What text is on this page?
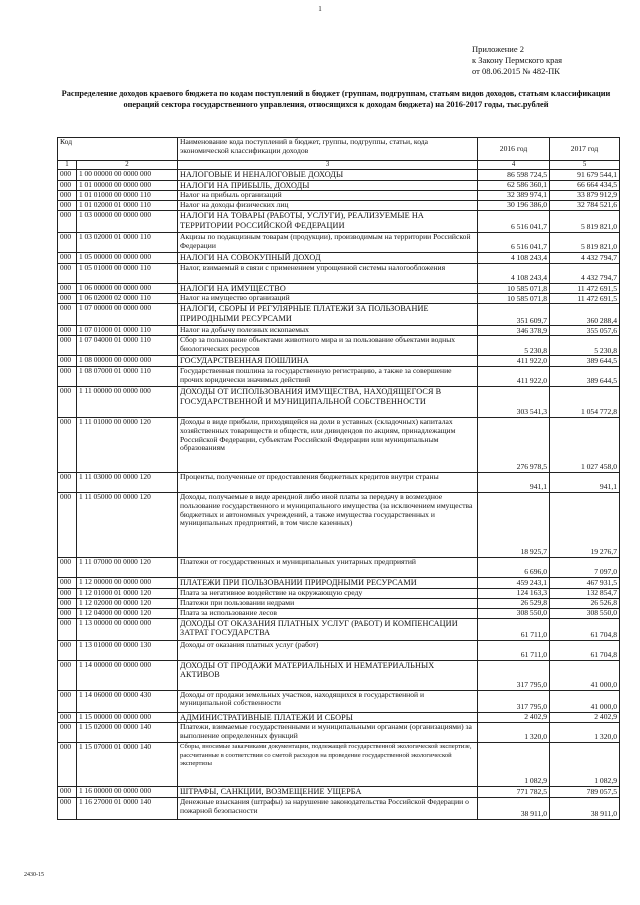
1
Приложение 2
к Закону Пермского края
от 08.06.2015 № 482-ПК
Распределение доходов краевого бюджета по кодам поступлений в бюджет (группам, подгруппам, статьям видов доходов, статьям классификации операций сектора государственного управления, относящихся к доходам бюджета) на 2016-2017 годы, тыс.рублей
Код		Наименование кода поступлений в бюджет, группы, подгруппы, статьи, кода экономической классификации доходов	2016 год	2017 год
1	2	3	4	5
000	1 00 00000 00 0000 000	НАЛОГОВЫЕ И НЕНАЛОГОВЫЕ ДОХОДЫ	86 598 724,5	91 679 544,1
000	1 01 00000 00 0000 000	НАЛОГИ НА ПРИБЫЛЬ, ДОХОДЫ	62 586 360,1	66 664 434,5
000	1 01 01000 00 0000 110	Налог на прибыль организаций	32 389 974,1	33 879 912,9
000	1 01 02000 01 0000 110	Налог на доходы физических лиц	30 196 386,0	32 784 521,6
000	1 03 00000 00 0000 000	НАЛОГИ НА ТОВАРЫ (РАБОТЫ, УСЛУГИ), РЕАЛИЗУЕМЫЕ НА ТЕРРИТОРИИ РОССИЙСКОЙ ФЕДЕРАЦИИ	6 516 041,7	5 819 821,0
000	1 03 02000 01 0000 110	Акцизы по подакцизным товарам (продукции), производимым на территории Российской Федерации	6 516 041,7	5 819 821,0
000	1 05 00000 00 0000 000	НАЛОГИ НА СОВОКУПНЫЙ ДОХОД	4 108 243,4	4 432 794,7
000	1 05 01000 00 0000 110	Налог, взимаемый в связи с применением упрощенной системы налогообложения	4 108 243,4	4 432 794,7
000	1 06 00000 00 0000 000	НАЛОГИ НА ИМУЩЕСТВО	10 585 071,8	11 472 691,5
000	1 06 02000 02 0000 110	Налог на имущество организаций	10 585 071,8	11 472 691,5
000	1 07 00000 00 0000 000	НАЛОГИ, СБОРЫ И РЕГУЛЯРНЫЕ ПЛАТЕЖИ ЗА ПОЛЬЗОВАНИЕ ПРИРОДНЫМИ РЕСУРСАМИ	351 609,7	360 288,4
000	1 07 01000 01 0000 110	Налог на добычу полезных ископаемых	346 378,9	355 057,6
000	1 07 04000 01 0000 110	Сбор за пользование объектами животного мира и за пользование объектами водных биологических ресурсов	5 230,8	5 230,8
000	1 08 00000 00 0000 000	ГОСУДАРСТВЕННАЯ ПОШЛИНА	411 922,0	389 644,5
000	1 08 07000 01 0000 110	Государственная пошлина за государственную регистрацию, а также за совершение прочих юридически значимых действий	411 922,0	389 644,5
000	1 11 00000 00 0000 000	ДОХОДЫ ОТ ИСПОЛЬЗОВАНИЯ ИМУЩЕСТВА, НАХОДЯЩЕГОСЯ В ГОСУДАРСТВЕННОЙ И МУНИЦИПАЛЬНОЙ СОБСТВЕННОСТИ	303 541,3	1 054 772,8
000	1 11 01000 00 0000 120	Доходы в виде прибыли, приходящейся на доли в уставных (складочных) капиталах хозяйственных товариществ и обществ, или дивидендов по акциям, принадлежащим Российской Федерации, субъектам Российской Федерации или муниципальным образованиям	276 978,5	1 027 458,0
000	1 11 03000 00 0000 120	Проценты, полученные от предоставления бюджетных кредитов внутри страны	941,1	941,1
000	1 11 05000 00 0000 120	Доходы, получаемые в виде арендной либо иной платы за передачу в возмездное пользование государственного и муниципального имущества (за исключением имущества бюджетных и автономных учреждений, а также имущества государственных и муниципальных предприятий, в том числе казенных)	18 925,7	19 276,7
000	1 11 07000 00 0000 120	Платежи от государственных и муниципальных унитарных предприятий	6 696,0	7 097,0
000	1 12 00000 00 0000 000	ПЛАТЕЖИ ПРИ ПОЛЬЗОВАНИИ ПРИРОДНЫМИ РЕСУРСАМИ	459 243,1	467 931,5
000	1 12 01000 01 0000 120	Плата за негативное воздействие на окружающую среду	124 163,3	132 854,7
000	1 12 02000 00 0000 120	Платежи при пользовании недрами	26 529,8	26 526,8
000	1 12 04000 00 0000 120	Плата за использование лесов	308 550,0	308 550,0
000	1 13 00000 00 0000 000	ДОХОДЫ ОТ ОКАЗАНИЯ ПЛАТНЫХ УСЛУГ (РАБОТ) И КОМПЕНСАЦИИ ЗАТРАТ ГОСУДАРСТВА	61 711,0	61 704,8
000	1 13 01000 00 0000 130	Доходы от оказания платных услуг (работ)	61 711,0	61 704,8
000	1 14 00000 00 0000 000	ДОХОДЫ ОТ ПРОДАЖИ МАТЕРИАЛЬНЫХ И НЕМАТЕРИАЛЬНЫХ АКТИВОВ	317 795,0	41 000,0
000	1 14 06000 00 0000 430	Доходы от продажи земельных участков, находящихся в государственной и муниципальной собственности	317 795,0	41 000,0
000	1 15 00000 00 0000 000	АДМИНИСТРАТИВНЫЕ ПЛАТЕЖИ И СБОРЫ	2 402,9	2 402,9
000	1 15 02000 00 0000 140	Платежи, взимаемые государственными и муниципальными органами (организациями) за выполнение определенных функций	1 320,0	1 320,0
000	1 15 07000 01 0000 140	Сборы, вносимые заказчиками документации, подлежащей государственной экологической экспертизе, рассчитанные в соответствии со сметой расходов на проведение государственной экологической экспертизы	1 082,9	1 082,9
000	1 16 00000 00 0000 000	ШТРАФЫ, САНКЦИИ, ВОЗМЕЩЕНИЕ УЩЕРБА	771 782,5	789 057,5
000	1 16 27000 01 0000 140	Денежные взыскания (штрафы) за нарушение законодательства Российской Федерации о пожарной безопасности	38 911,0	38 911,0
2430-15
